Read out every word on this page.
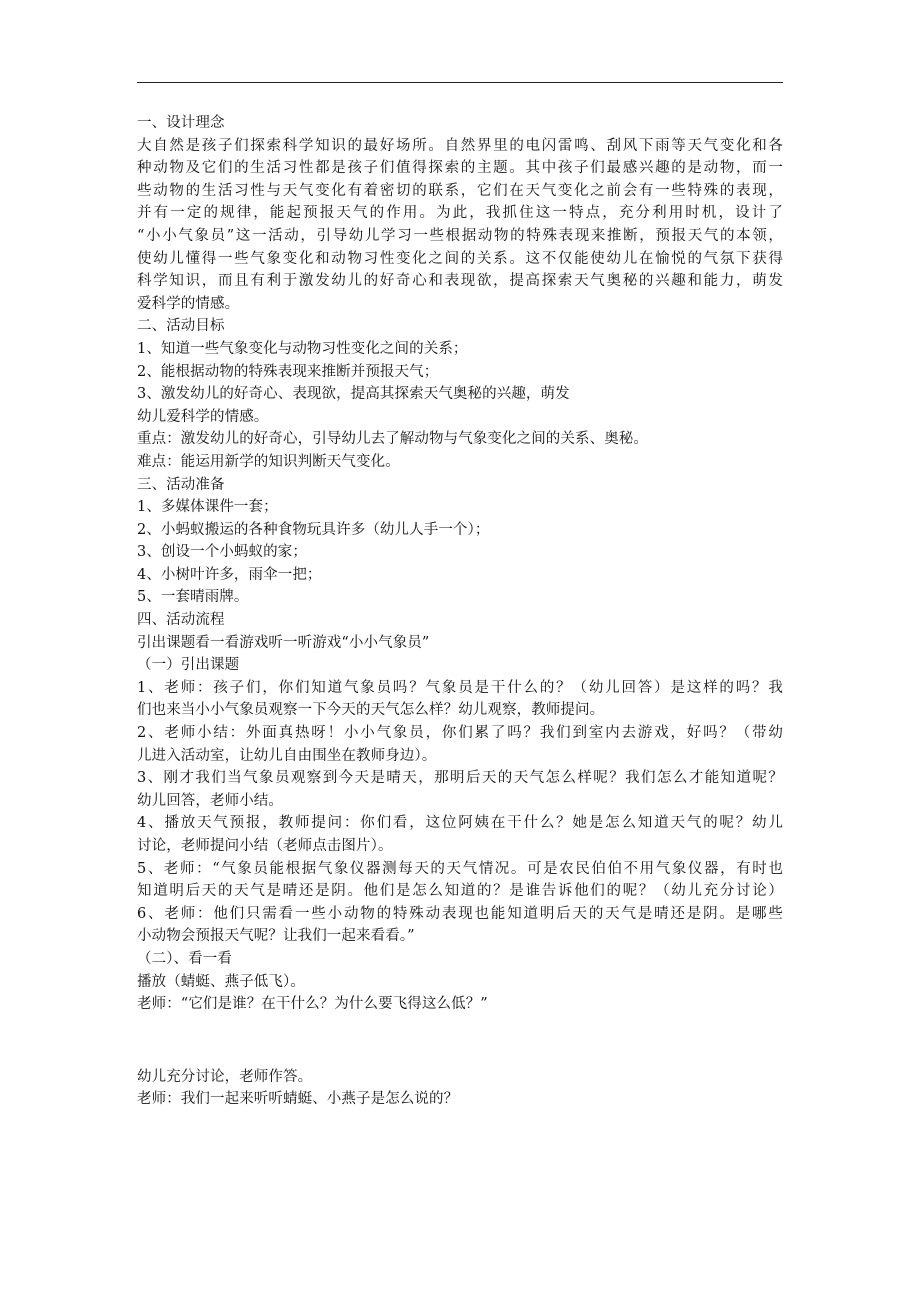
一、设计理念
大自然是孩子们探索科学知识的最好场所。自然界里的电闪雷鸣、刮风下雨等天气变化和各
种动物及它们的生活习性都是孩子们值得探索的主题。其中孩子们最感兴趣的是动物，而一
些动物的生活习性与天气变化有着密切的联系，它们在天气变化之前会有一些特殊的表现，
并有一定的规律，能起预报天气的作用。为此，我抓住这一特点，充分利用时机，设计了
“小小气象员”这一活动，引导幼儿学习一些根据动物的特殊表现来推断，预报天气的本领，
使幼儿懂得一些气象变化和动物习性变化之间的关系。这不仅能使幼儿在愉悦的气氛下获得
科学知识，而且有利于激发幼儿的好奇心和表现欲，提高探索天气奥秘的兴趣和能力，萌发
爱科学的情感。
二、活动目标
1、知道一些气象变化与动物习性变化之间的关系；
2、能根据动物的特殊表现来推断并预报天气；
3、激发幼儿的好奇心、表现欲，提高其探索天气奥秘的兴趣，萌发
幼儿爱科学的情感。
重点：激发幼儿的好奇心，引导幼儿去了解动物与气象变化之间的关系、奥秘。
难点：能运用新学的知识判断天气变化。
三、活动准备
1、多媒体课件一套；
2、小蚂蚁搬运的各种食物玩具许多（幼儿人手一个）；
3、创设一个小蚂蚁的家；
4、小树叶许多，雨伞一把；
5、一套晴雨牌。
四、活动流程
引出课题看一看游戏听一听游戏“小小气象员”
（一）引出课题
1、老师：孩子们，你们知道气象员吗？气象员是干什么的？（幼儿回答）是这样的吗？我
们也来当小小气象员观察一下今天的天气怎么样？幼儿观察，教师提问。
2、老师小结：外面真热呀！小小气象员，你们累了吗？我们到室内去游戏，好吗？（带幼
儿进入活动室，让幼儿自由围坐在教师身边）。
3、刚才我们当气象员观察到今天是晴天，那明后天的天气怎么样呢？我们怎么才能知道呢？
幼儿回答，老师小结。
4、播放天气预报，教师提问：你们看，这位阿姨在干什么？她是怎么知道天气的呢？幼儿
讨论，老师提问小结（老师点击图片）。
5、老师：“气象员能根据气象仪器测每天的天气情况。可是农民伯伯不用气象仪器，有时也
知道明后天的天气是晴还是阴。他们是怎么知道的？是谁告诉他们的呢？（幼儿充分讨论）
6、老师：他们只需看一些小动物的特殊动表现也能知道明后天的天气是晴还是阴。是哪些
小动物会预报天气呢？让我们一起来看看。”
（二）、看一看
播放（蜻蜓、燕子低飞）。
老师：“它们是谁？在干什么？为什么要飞得这么低？”
幼儿充分讨论，老师作答。
老师：我们一起来听听蜻蜓、小燕子是怎么说的？
